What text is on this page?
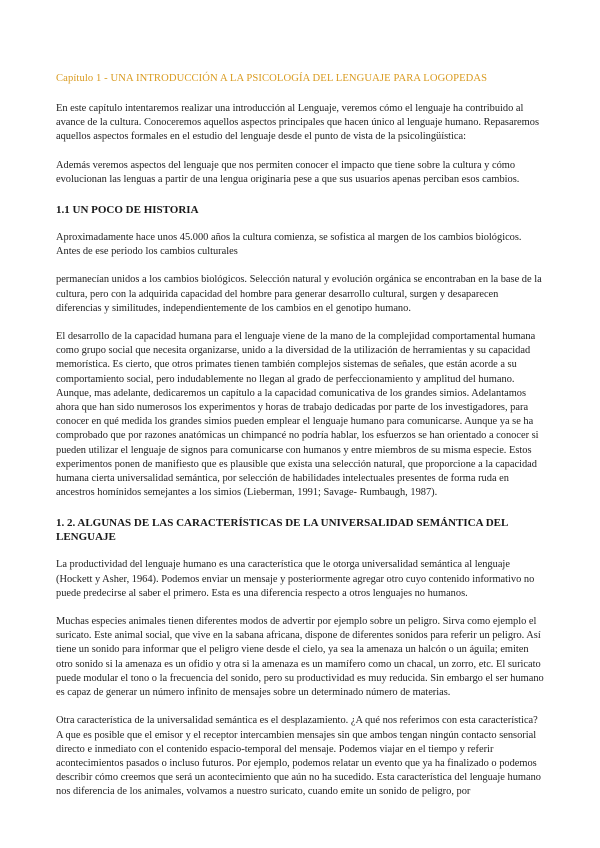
Capítulo 1 - UNA INTRODUCCIÓN A LA PSICOLOGÍA DEL LENGUAJE PARA LOGOPEDAS

En este capítulo intentaremos realizar una introducción al Lenguaje, veremos cómo el lenguaje ha contribuido al avance de la cultura. Conoceremos aquellos aspectos principales que hacen único al lenguaje humano. Repasaremos aquellos aspectos formales en el estudio del lenguaje desde el punto de vista de la psicolingüística:

Además veremos aspectos del lenguaje que nos permiten conocer el impacto que tiene sobre la cultura y cómo evolucionan las lenguas a partir de una lengua originaria pese a que sus usuarios apenas perciban esos cambios.

1.1 UN POCO DE HISTORIA

Aproximadamente hace unos 45.000 años la cultura comienza, se sofistica al margen de los cambios biológicos. Antes de ese periodo los cambios culturales

permanecían unidos a los cambios biológicos. Selección natural y evolución orgánica se encontraban en la base de la cultura, pero con la adquirida capacidad del hombre para generar desarrollo cultural, surgen y desaparecen diferencias y similitudes, independientemente de los cambios en el genotipo humano.

El desarrollo de la capacidad humana para el lenguaje viene de la mano de la complejidad comportamental humana como grupo social que necesita organizarse, unido a la diversidad de la utilización de herramientas y su capacidad memorística. Es cierto, que otros primates tienen también complejos sistemas de señales, que están acorde a su comportamiento social, pero indudablemente no llegan al grado de perfeccionamiento y amplitud del humano. Aunque, mas adelante, dedicaremos un capítulo a la capacidad comunicativa de los grandes simios. Adelantamos ahora que han sido numerosos los experimentos y horas de trabajo dedicadas por parte de los investigadores, para conocer en qué medida los grandes simios pueden emplear el lenguaje humano para comunicarse. Aunque ya se ha comprobado que por razones anatómicas un chimpancé no podría hablar, los esfuerzos se han orientado a conocer si pueden utilizar el lenguaje de signos para comunicarse con humanos y entre miembros de su misma especie. Estos experimentos ponen de manifiesto que es plausible que exista una selección natural, que proporcione a la capacidad humana cierta universalidad semántica, por selección de habilidades intelectuales presentes de forma ruda en ancestros homínidos semejantes a los simios (Lieberman, 1991; Savage- Rumbaugh, 1987).

1. 2. ALGUNAS DE LAS CARACTERÍSTICAS DE LA UNIVERSALIDAD SEMÁNTICA DEL LENGUAJE

La productividad del lenguaje humano es una característica que le otorga universalidad semántica al lenguaje (Hockett y Asher, 1964). Podemos enviar un mensaje y posteriormente agregar otro cuyo contenido informativo no puede predecirse al saber el primero. Esta es una diferencia respecto a otros lenguajes no humanos.

Muchas especies animales tienen diferentes modos de advertir por ejemplo sobre un peligro. Sirva como ejemplo el suricato. Este animal social, que vive en la sabana africana, dispone de diferentes sonidos para referir un peligro. Así tiene un sonido para informar que el peligro viene desde el cielo, ya sea la amenaza un halcón o un águila; emiten otro sonido si la amenaza es un ofidio y otra si la amenaza es un mamífero como un chacal, un zorro, etc. El suricato puede modular el tono o la frecuencia del sonido, pero su productividad es muy reducida. Sin embargo el ser humano es capaz de generar un número infinito de mensajes sobre un determinado número de materias.

Otra característica de la universalidad semántica es el desplazamiento. ¿A qué nos referimos con esta característica? A que es posible que el emisor y el receptor intercambien mensajes sin que ambos tengan ningún contacto sensorial directo e inmediato con el contenido espacio-temporal del mensaje. Podemos viajar en el tiempo y referir acontecimientos pasados o incluso futuros. Por ejemplo, podemos relatar un evento que ya ha finalizado o podemos describir cómo creemos que será un acontecimiento que aún no ha sucedido. Esta característica del lenguaje humano nos diferencia de los animales, volvamos a nuestro suricato, cuando emite un sonido de peligro, por
